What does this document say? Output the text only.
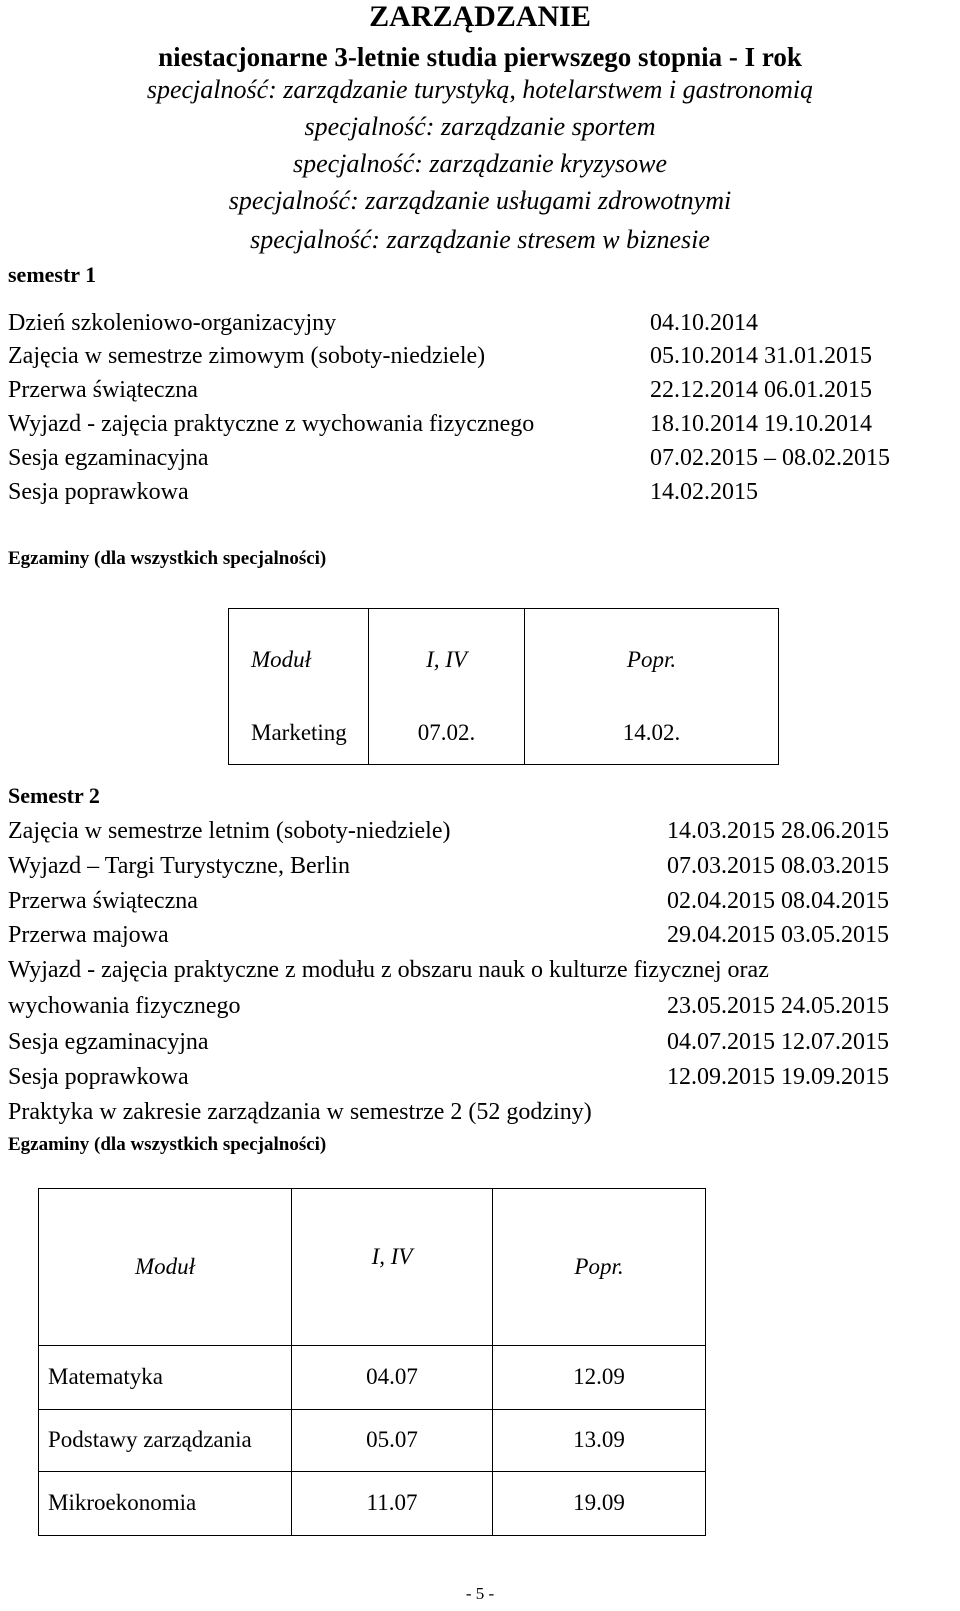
ZARZĄDZANIE
niestacjonarne 3-letnie studia pierwszego stopnia - I rok
specjalność: zarządzanie turystyką, hotelarstwem i gastronomią
specjalność: zarządzanie sportem
specjalność: zarządzanie kryzysowe
specjalność: zarządzanie usługami zdrowotnymi
specjalność: zarządzanie stresem w biznesie
semestr 1
Dzień szkoleniowo-organizacyjny	04.10.2014
Zajęcia w semestrze zimowym (soboty-niedziele)	05.10.2014 31.01.2015
Przerwa świąteczna	22.12.2014 06.01.2015
Wyjazd - zajęcia praktyczne z wychowania fizycznego	18.10.2014 19.10.2014
Sesja egzaminacyjna	07.02.2015 – 08.02.2015
Sesja poprawkowa	14.02.2015
Egzaminy (dla wszystkich specjalności)
Moduł	I, IV	Popr.
Marketing	07.02.	14.02.
Semestr 2
Zajęcia w semestrze letnim (soboty-niedziele)	14.03.2015 28.06.2015
Wyjazd – Targi Turystyczne, Berlin	07.03.2015 08.03.2015
Przerwa świąteczna	02.04.2015 08.04.2015
Przerwa majowa	29.04.2015 03.05.2015
Wyjazd - zajęcia praktyczne z modułu z obszaru nauk o kulturze fizycznej oraz
wychowania fizycznego	23.05.2015 24.05.2015
Sesja egzaminacyjna	04.07.2015 12.07.2015
Sesja poprawkowa	12.09.2015 19.09.2015
Praktyka w zakresie zarządzania w semestrze 2 (52 godziny)
Egzaminy (dla wszystkich specjalności)
Moduł	I, IV	Popr.
Matematyka	04.07	12.09
Podstawy zarządzania	05.07	13.09
Mikroekonomia	11.07	19.09
- 5 -
